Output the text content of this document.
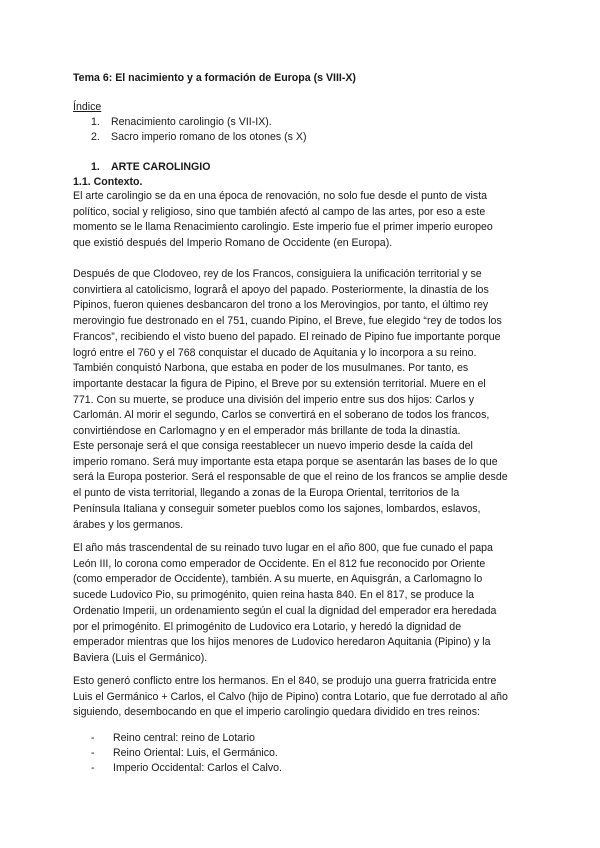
Tema 6: El nacimiento y a formación de Europa (s VIII-X)
Índice
1. Renacimiento carolingio (s VII-IX).
2. Sacro imperio romano de los otones (s X)
1. ARTE CAROLINGIO
1.1. Contexto.

El arte carolingio se da en una época de renovación, no solo fue desde el punto de vista

político, social y religioso, sino que también afectó al campo de las artes, por eso a este

momento se le llama Renacimiento carolingio. Este imperio fue el primer imperio europeo

que existió después del Imperio Romano de Occidente (en Europa).

Después de que Clodoveo, rey de los Francos, consiguiera la unificación territorial y se

convirtiera al catolicismo, lograrå el apoyo del papado. Posteriormente, la dinastía de los

Pipinos, fueron quienes desbancaron del trono a los Merovingios, por tanto, el último rey

merovingio fue destronado en el 751, cuando Pipino, el Breve, fue elegido “rey de todos los

Francos”, recibiendo el visto bueno del papado. El reinado de Pipino fue importante porque

logró entre el 760 y el 768 conquistar el ducado de Aquitania y lo incorpora a su reino.

También conquistó Narbona, que estaba en poder de los musulmanes. Por tanto, es

importante destacar la figura de Pipino, el Breve por su extensión territorial. Muere en el

771. Con su muerte, se produce una división del imperio entre sus dos hijos: Carlos y

Carlomán. Al morir el segundo, Carlos se convertirá en el soberano de todos los francos,

convirtiéndose en Carlomagno y en el emperador más brillante de toda la dinastía.

Este personaje será el que consiga reestablecer un nuevo imperio desde la caída del

imperio romano. Será muy importante esta etapa porque se asentarán las bases de lo que

será la Europa posterior. Será el responsable de que el reino de los francos se amplie desde

el punto de vista territorial, llegando a zonas de la Europa Oriental, territorios de la

Península Italiana y conseguir someter pueblos como los sajones, lombardos, eslavos,

árabes y los germanos.

El año más trascendental de su reinado tuvo lugar en el año 800, que fue cunado el papa

León III, lo corona como emperador de Occidente. En el 812 fue reconocido por Oriente

(como emperador de Occidente), también. A su muerte, en Aquisgrán, a Carlomagno lo

sucede Ludovico Pio, su primogénito, quien reina hasta 840. En el 817, se produce la

Ordenatio Imperii, un ordenamiento según el cual la dignidad del emperador era heredada

por el primogénito. El primogénito de Ludovico era Lotario, y heredó la dignidad de

emperador mientras que los hijos menores de Ludovico heredaron Aquitania (Pipino) y la

Baviera (Luis el Germánico).

Esto generó conflicto entre los hermanos. En el 840, se produjo una guerra fratricida entre

Luis el Germánico + Carlos, el Calvo (hijo de Pipino) contra Lotario, que fue derrotado al año

siguiendo, desembocando en que el imperio carolingio quedara dividido en tres reinos:

- Reino central: reino de Lotario
- Reino Oriental: Luis, el Germánico.
- Imperio Occidental: Carlos el Calvo.
